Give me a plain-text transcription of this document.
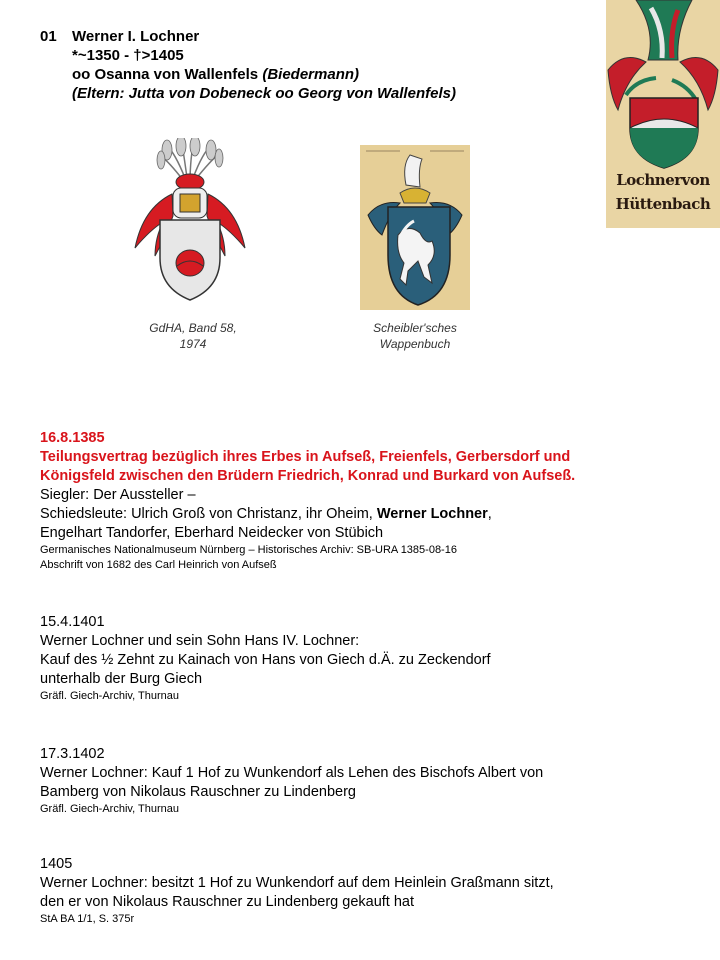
01 Werner I. Lochner
*~1350 - †>1405
oo Osanna von Wallenfels (Biedermann)
(Eltern: Jutta von Dobeneck oo Georg von Wallenfels)
GdHA, Band 58,
1974
Scheibler'sches
Wappenbuch
Lochnervon
Hüttenbach
16.8.1385
Teilungsvertrag bezüglich ihres Erbes in Aufseß, Freienfels, Gerbersdorf und
Königsfeld zwischen den Brüdern Friedrich, Konrad und Burkard von Aufseß.
Siegler: Der Aussteller –
Schiedsleute: Ulrich Groß von Christanz, ihr Oheim, Werner Lochner,
Engelhart Tandorfer, Eberhard Neidecker von Stübich
Germanisches Nationalmuseum Nürnberg – Historisches Archiv: SB-URA 1385-08-16
Abschrift von 1682 des Carl Heinrich von Aufseß
15.4.1401
Werner Lochner und sein Sohn Hans IV. Lochner:
Kauf des ½ Zehnt zu Kainach von Hans von Giech d.Ä. zu Zeckendorf
unterhalb der Burg Giech
Gräfl. Giech-Archiv, Thurnau
17.3.1402
Werner Lochner: Kauf 1 Hof zu Wunkendorf als Lehen des Bischofs Albert von
Bamberg von Nikolaus Rauschner zu Lindenberg
Gräfl. Giech-Archiv, Thurnau
1405
Werner Lochner: besitzt 1 Hof zu Wunkendorf auf dem Heinlein Graßmann sitzt,
den er von Nikolaus Rauschner zu Lindenberg gekauft hat
StA BA 1/1, S. 375r
